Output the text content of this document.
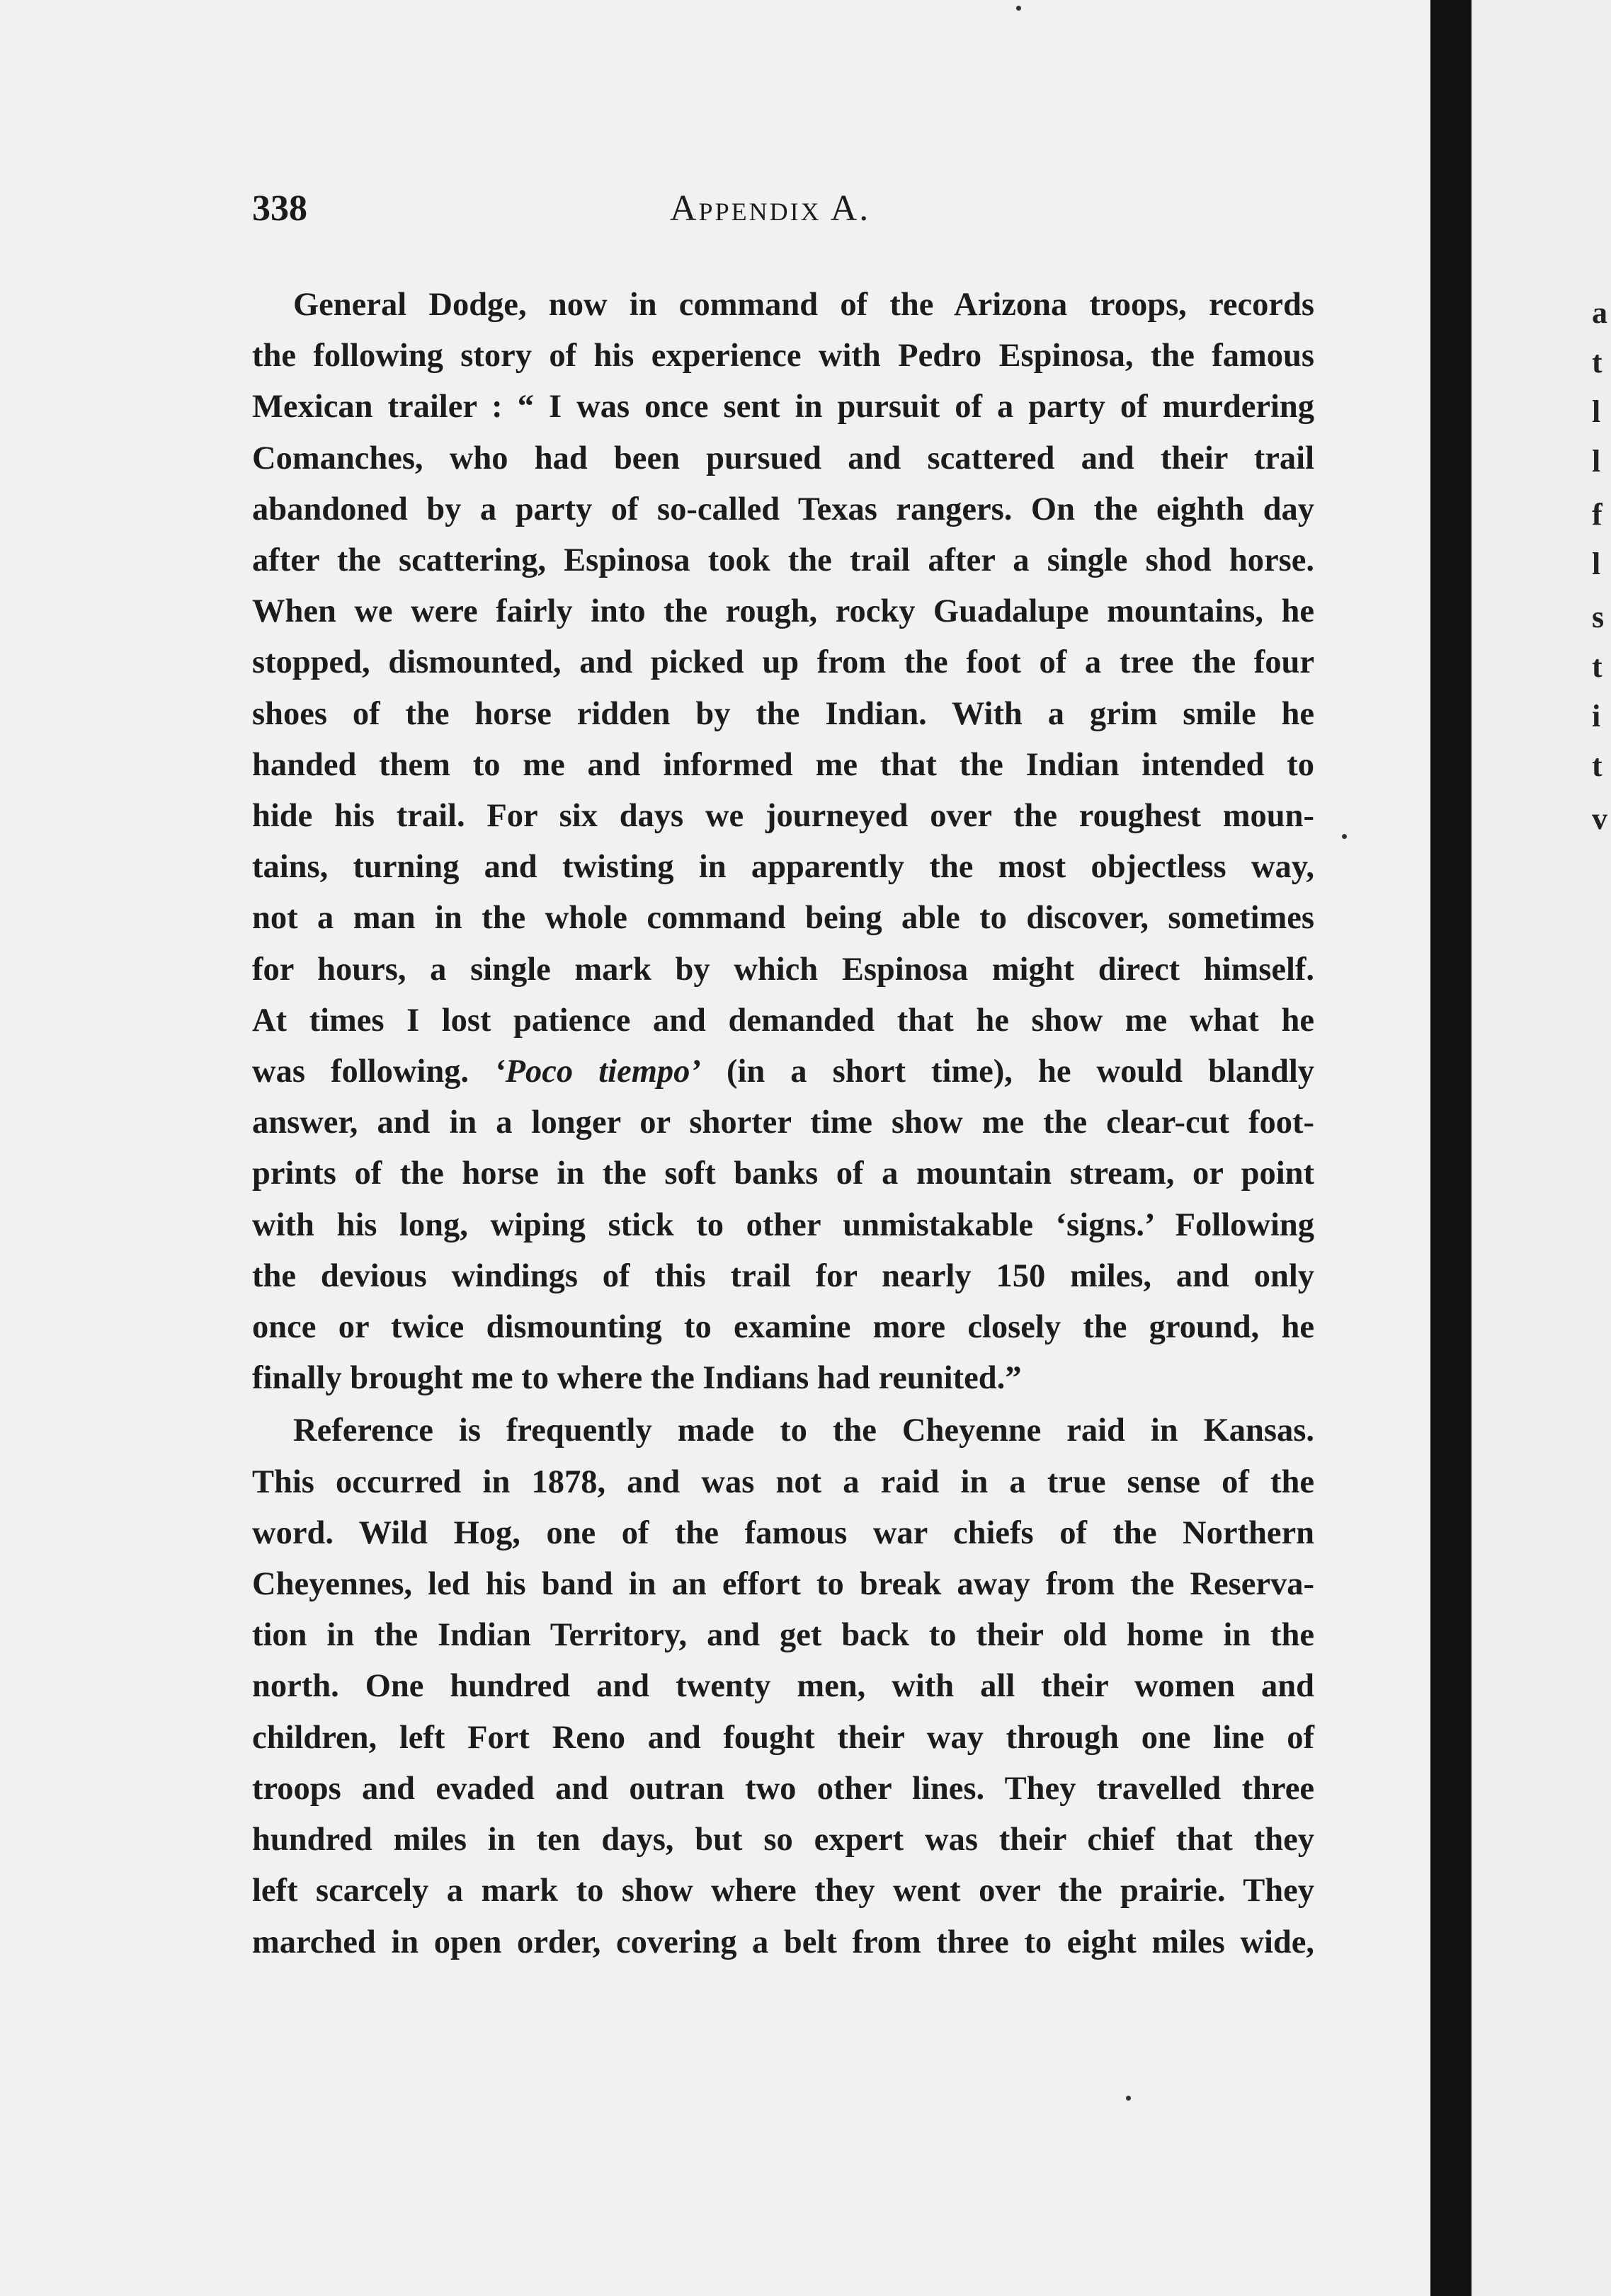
338	Appendix A.
General Dodge, now in command of the Arizona troops, records
the following story of his experience with Pedro Espinosa, the famous
Mexican trailer : “ I was once sent in pursuit of a party of murdering
Comanches, who had been pursued and scattered and their trail
abandoned by a party of so-called Texas rangers. On the eighth day
after the scattering, Espinosa took the trail after a single shod horse.
When we were fairly into the rough, rocky Guadalupe mountains, he
stopped, dismounted, and picked up from the foot of a tree the four
shoes of the horse ridden by the Indian. With a grim smile he
handed them to me and informed me that the Indian intended to
hide his trail. For six days we journeyed over the roughest moun-
tains, turning and twisting in apparently the most objectless way,
not a man in the whole command being able to discover, sometimes
for hours, a single mark by which Espinosa might direct himself.
At times I lost patience and demanded that he show me what he
was following. ‘Poco tiempo’ (in a short time), he would blandly
answer, and in a longer or shorter time show me the clear-cut foot-
prints of the horse in the soft banks of a mountain stream, or point
with his long, wiping stick to other unmistakable ‘signs.’ Following
the devious windings of this trail for nearly 150 miles, and only
once or twice dismounting to examine more closely the ground, he
finally brought me to where the Indians had reunited.”
Reference is frequently made to the Cheyenne raid in Kansas.
This occurred in 1878, and was not a raid in a true sense of the
word. Wild Hog, one of the famous war chiefs of the Northern
Cheyennes, led his band in an effort to break away from the Reserva-
tion in the Indian Territory, and get back to their old home in the
north. One hundred and twenty men, with all their women and
children, left Fort Reno and fought their way through one line of
troops and evaded and outran two other lines. They travelled three
hundred miles in ten days, but so expert was their chief that they
left scarcely a mark to show where they went over the prairie. They
marched in open order, covering a belt from three to eight miles wide,
a
t
l
l
f
l
s
t
i
t
v
